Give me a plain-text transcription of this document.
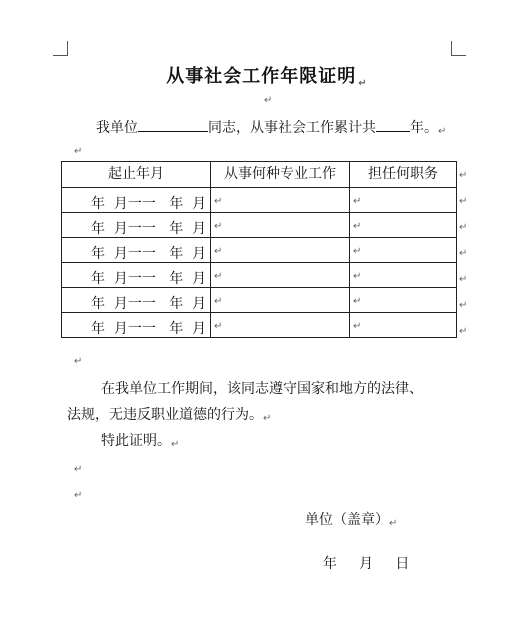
从事社会工作年限证明 $_↵$
↵
我单位	同志，从事社会工作累计共 年。↵
↵
起止年月	从事何种专业工作	担任何职务

年  月一一   年  月	↵	↵

年  月一一   年  月	↵	↵

年  月一一   年  月	↵	↵

年  月一一   年  月	↵	↵

年  月一一   年  月	↵	↵

年  月一一   年  月	↵	↵
↵
↵
↵
↵
↵
↵
↵
↵
在我单位工作期间，该同志遵守国家和地方的法律、
法规，无违反职业道德的行为。↵
特此证明。↵
↵
↵
单位（盖章）↵

年     月     日
